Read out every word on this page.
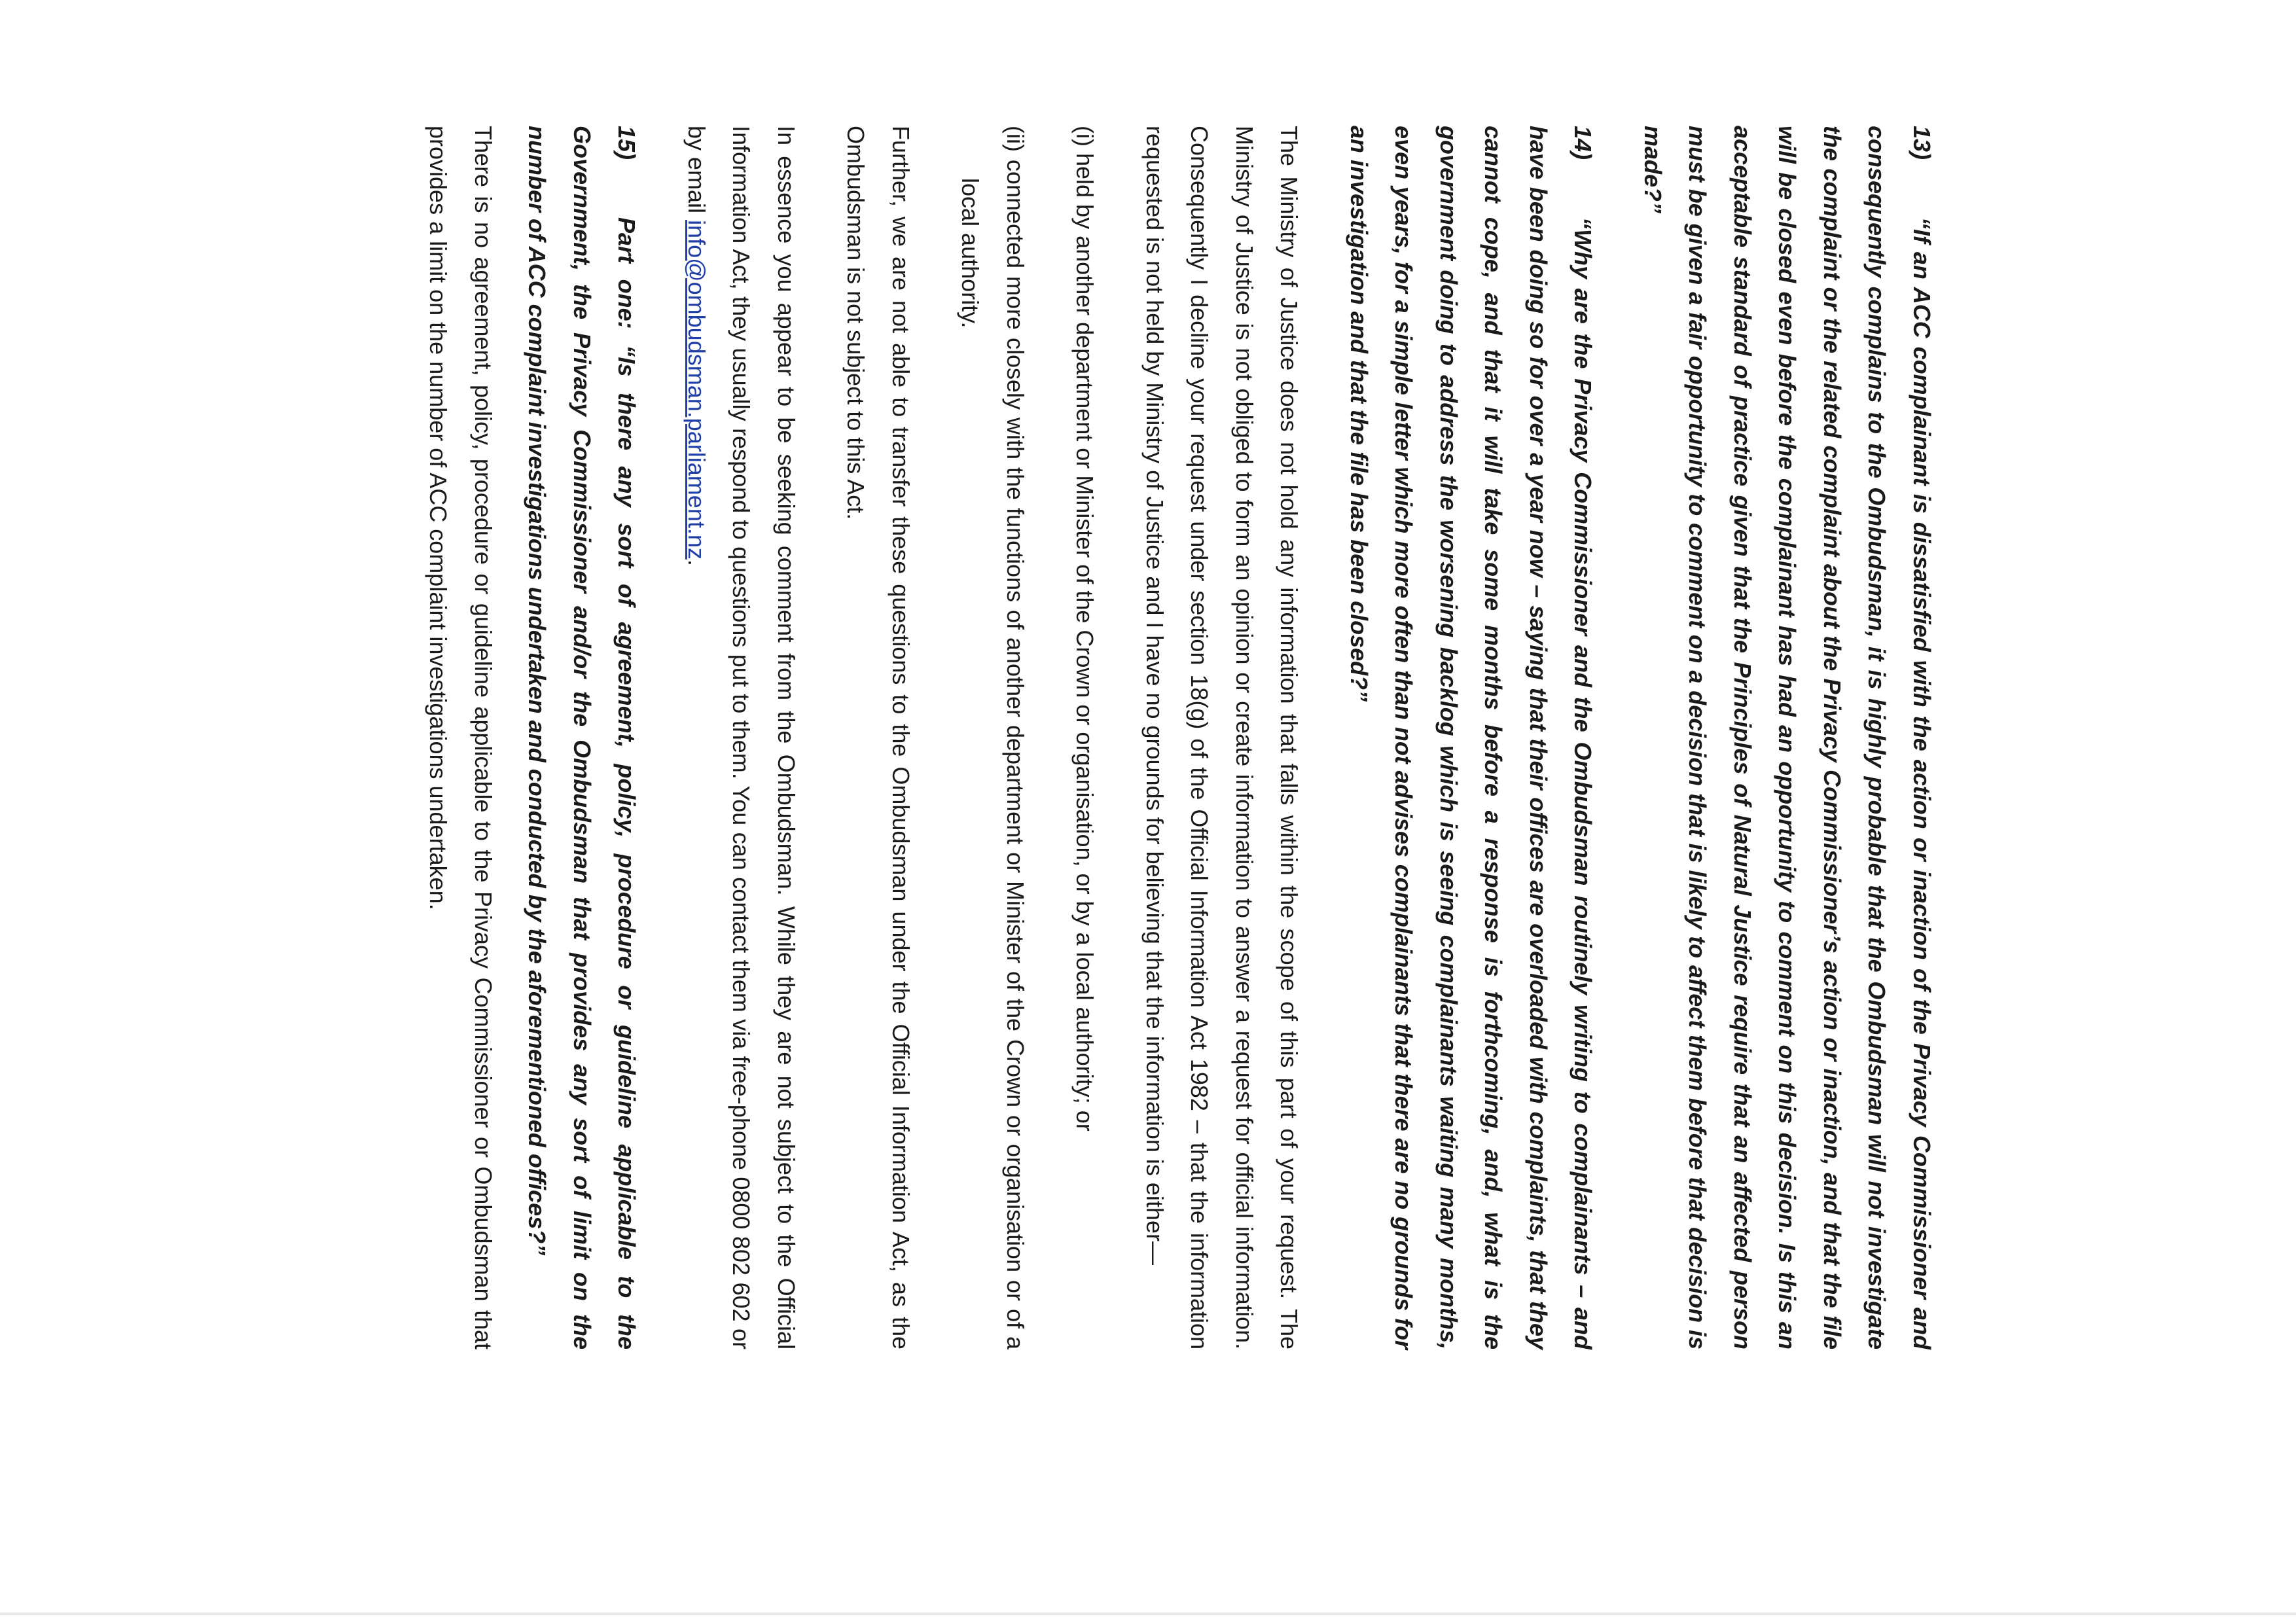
13)“If an ACC complainant is dissatisfied with the action or inaction of the Privacy Commissioner and consequently complains to the Ombudsman, it is highly probable that the Ombudsman will not investigate the complaint or the related complaint about the Privacy Commissioner’s action or inaction, and that the file will be closed even before the complainant has had an opportunity to comment on this decision. Is this an acceptable standard of practice given that the Principles of Natural Justice require that an affected person must be given a fair opportunity to comment on a decision that is likely to affect them before that decision is made?”

14)“Why are the Privacy Commissioner and the Ombudsman routinely writing to complainants – and have been doing so for over a year now – saying that their offices are overloaded with complaints, that they cannot cope, and that it will take some months before a response is forthcoming, and, what is the government doing to address the worsening backlog which is seeing complainants waiting many months, even years, for a simple letter which more often than not advises complainants that there are no grounds for an investigation and that the file has been closed?”

The Ministry of Justice does not hold any information that falls within the scope of this part of your request. The Ministry of Justice is not obliged to form an opinion or create information to answer a request for official information. Consequently I decline your request under section 18(g) of the Official Information Act 1982 – that the information requested is not held by Ministry of Justice and I have no grounds for believing that the information is either—

(i) held by another department or Minister of the Crown or organisation, or by a local authority; or

(ii) connected more closely with the functions of another department or Minister of the Crown or organisation or of a local authority.

Further, we are not able to transfer these questions to the Ombudsman under the Official Information Act, as the Ombudsman is not subject to this Act.

In essence you appear to be seeking comment from the Ombudsman. While they are not subject to the Official Information Act, they usually respond to questions put to them. You can contact them via free-phone 0800 802 602 or by email info@ombudsman.parliament.nz.

15)Part one: “Is there any sort of agreement, policy, procedure or guideline applicable to the Government, the Privacy Commissioner and/or the Ombudsman that provides any sort of limit on the number of ACC complaint investigations undertaken and conducted by the aforementioned offices?”

There is no agreement, policy, procedure or guideline applicable to the Privacy Commissioner or Ombudsman that provides a limit on the number of ACC complaint investigations undertaken.
